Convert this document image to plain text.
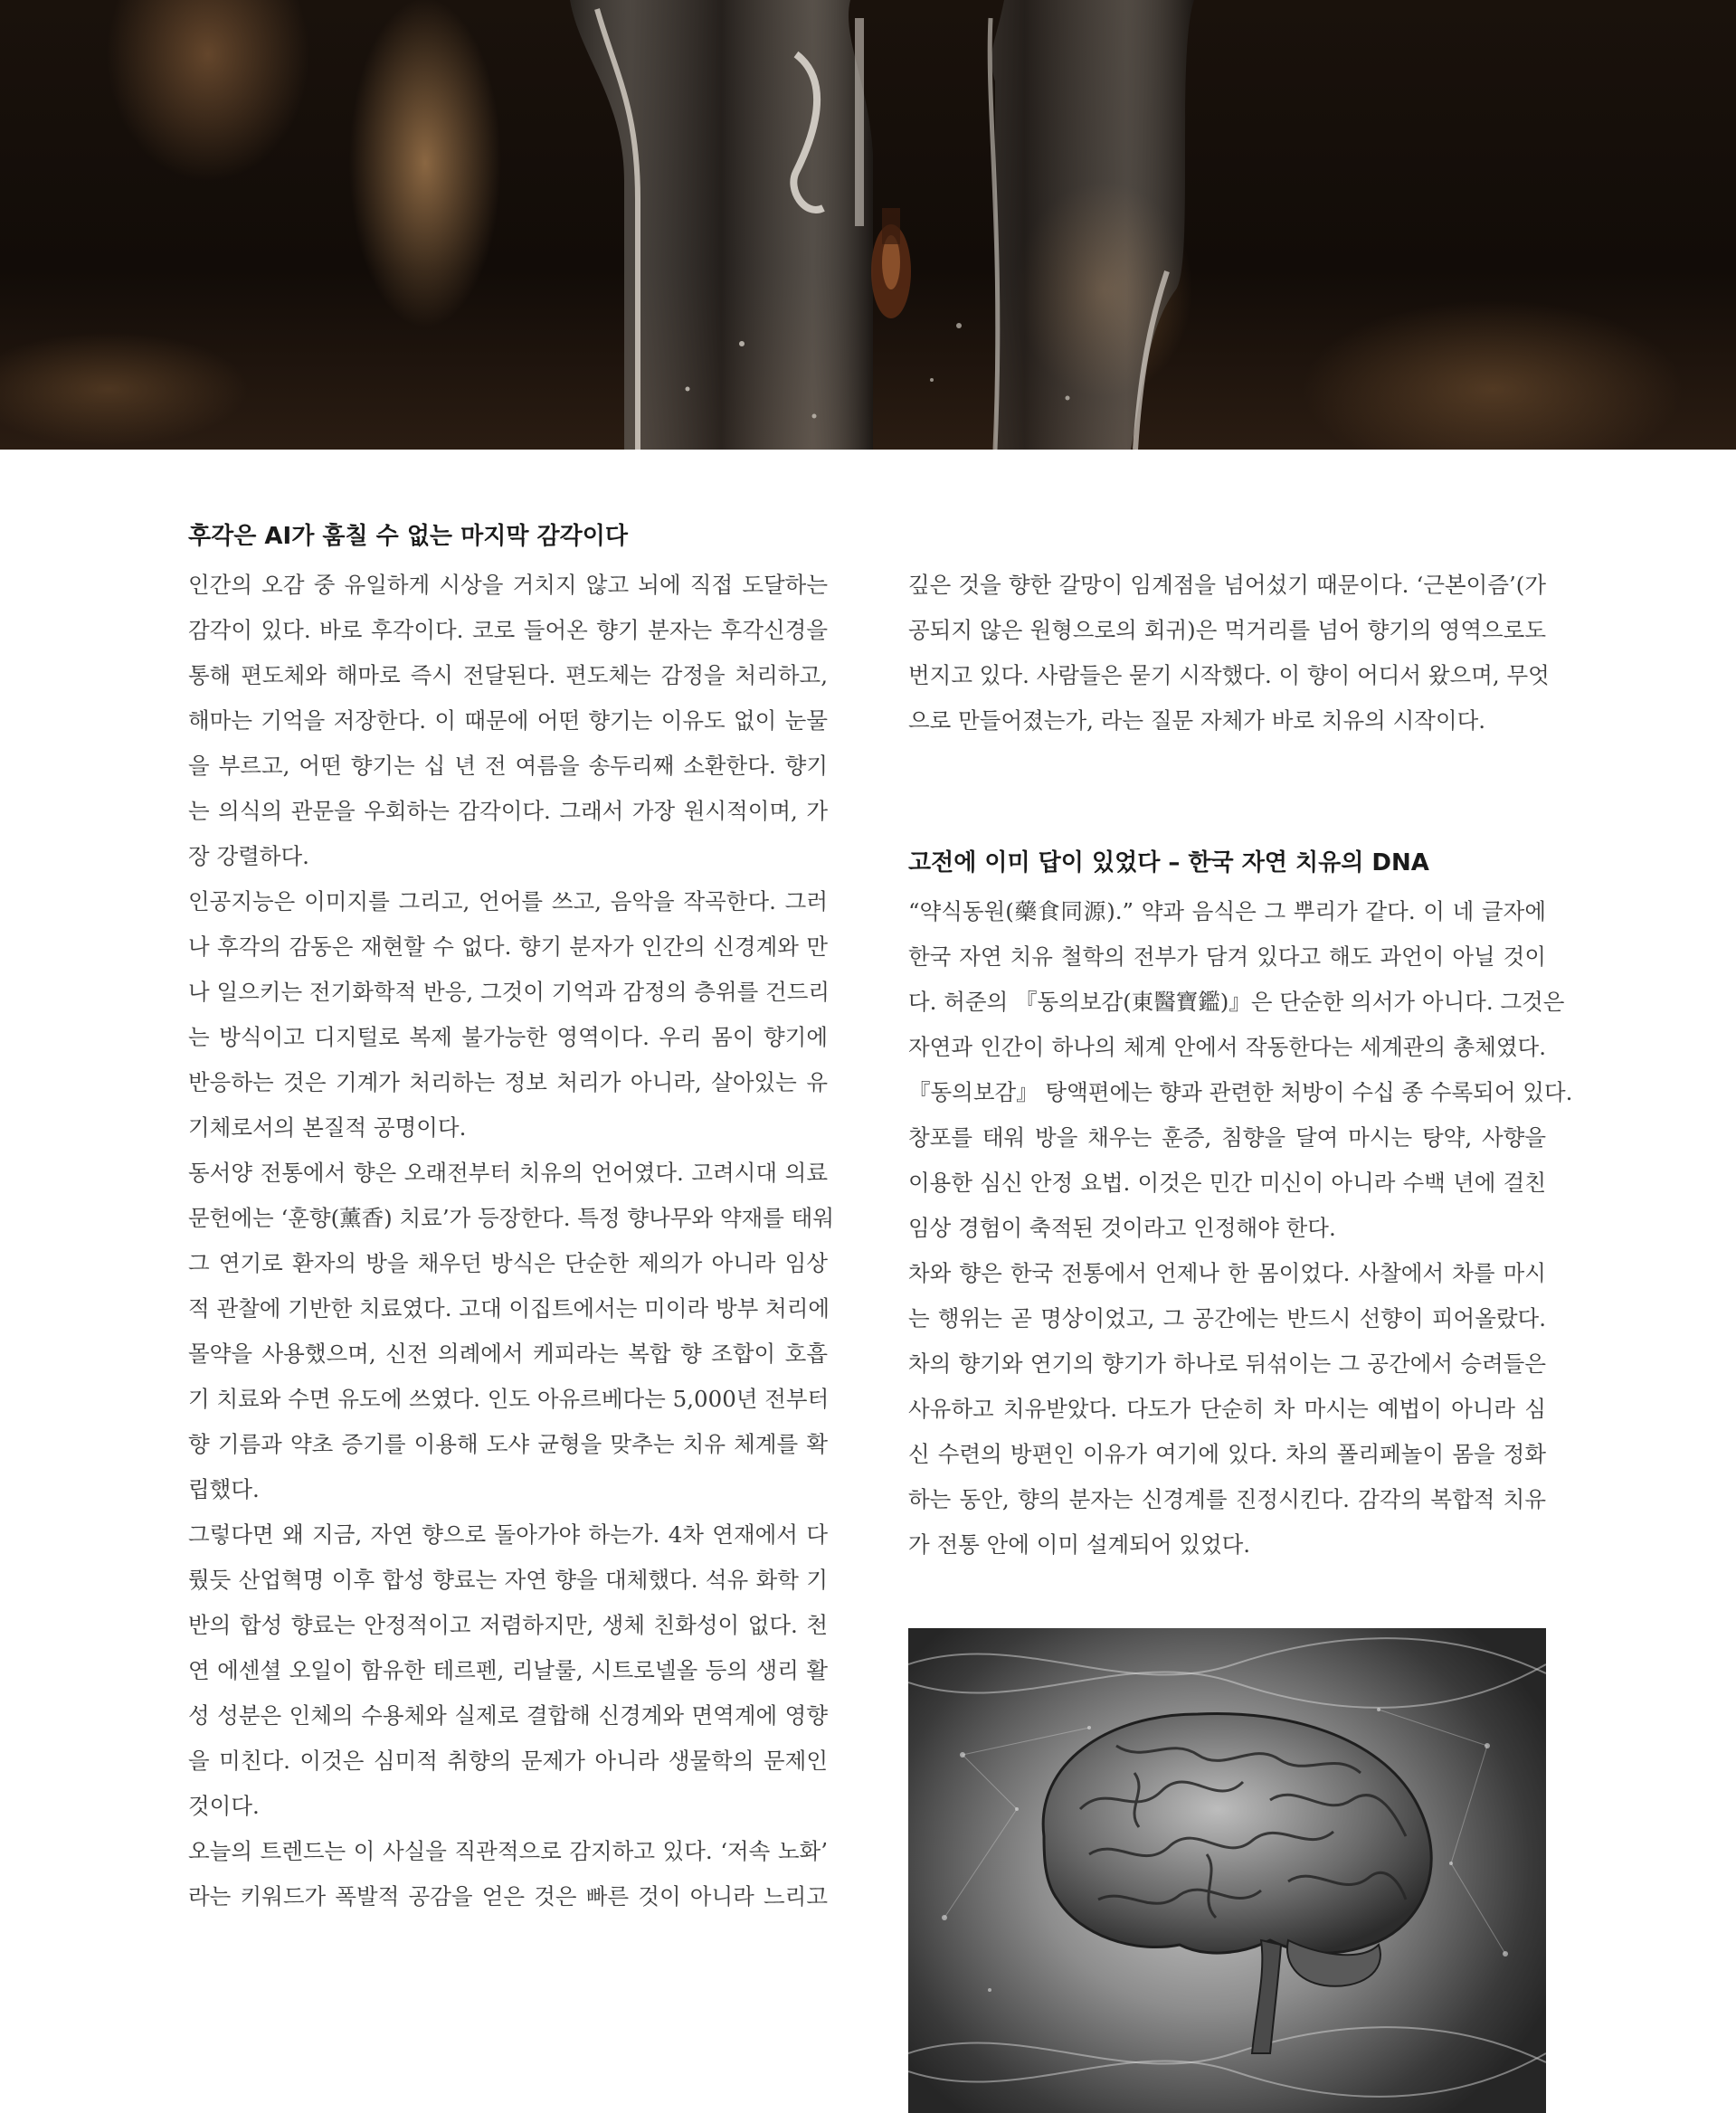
후각은 AI가 훔칠 수 없는 마지막 감각이다
인간의 오감 중 유일하게 시상을 거치지 않고 뇌에 직접 도달하는
감각이 있다. 바로 후각이다. 코로 들어온 향기 분자는 후각신경을
통해 편도체와 해마로 즉시 전달된다. 편도체는 감정을 처리하고,
해마는 기억을 저장한다. 이 때문에 어떤 향기는 이유도 없이 눈물
을 부르고, 어떤 향기는 십 년 전 여름을 송두리째 소환한다. 향기
는 의식의 관문을 우회하는 감각이다. 그래서 가장 원시적이며, 가
장 강렬하다.
인공지능은 이미지를 그리고, 언어를 쓰고, 음악을 작곡한다. 그러
나 후각의 감동은 재현할 수 없다. 향기 분자가 인간의 신경계와 만
나 일으키는 전기화학적 반응, 그것이 기억과 감정의 층위를 건드리
는 방식이고 디지털로 복제 불가능한 영역이다. 우리 몸이 향기에
반응하는 것은 기계가 처리하는 정보 처리가 아니라, 살아있는 유
기체로서의 본질적 공명이다.
동서양 전통에서 향은 오래전부터 치유의 언어였다. 고려시대 의료
문헌에는 ‘훈향(薰香) 치료’가 등장한다. 특정 향나무와 약재를 태워
그 연기로 환자의 방을 채우던 방식은 단순한 제의가 아니라 임상
적 관찰에 기반한 치료였다. 고대 이집트에서는 미이라 방부 처리에
몰약을 사용했으며, 신전 의례에서 케피라는 복합 향 조합이 호흡
기 치료와 수면 유도에 쓰였다. 인도 아유르베다는 5,000년 전부터
향 기름과 약초 증기를 이용해 도샤 균형을 맞추는 치유 체계를 확
립했다.
그렇다면 왜 지금, 자연 향으로 돌아가야 하는가. 4차 연재에서 다
뤘듯 산업혁명 이후 합성 향료는 자연 향을 대체했다. 석유 화학 기
반의 합성 향료는 안정적이고 저렴하지만, 생체 친화성이 없다. 천
연 에센셜 오일이 함유한 테르펜, 리날룰, 시트로넬올 등의 생리 활
성 성분은 인체의 수용체와 실제로 결합해 신경계와 면역계에 영향
을 미친다. 이것은 심미적 취향의 문제가 아니라 생물학의 문제인
것이다.
오늘의 트렌드는 이 사실을 직관적으로 감지하고 있다. ‘저속 노화’
라는 키워드가 폭발적 공감을 얻은 것은 빠른 것이 아니라 느리고
깊은 것을 향한 갈망이 임계점을 넘어섰기 때문이다. ‘근본이즘’(가
공되지 않은 원형으로의 회귀)은 먹거리를 넘어 향기의 영역으로도
번지고 있다. 사람들은 묻기 시작했다. 이 향이 어디서 왔으며, 무엇
으로 만들어졌는가, 라는 질문 자체가 바로 치유의 시작이다.
고전에 이미 답이 있었다 – 한국 자연 치유의 DNA
“약식동원(藥食同源).” 약과 음식은 그 뿌리가 같다. 이 네 글자에
한국 자연 치유 철학의 전부가 담겨 있다고 해도 과언이 아닐 것이
다. 허준의 『동의보감(東醫寶鑑)』은 단순한 의서가 아니다. 그것은
자연과 인간이 하나의 체계 안에서 작동한다는 세계관의 총체였다.
『동의보감』 탕액편에는 향과 관련한 처방이 수십 종 수록되어 있다.
창포를 태워 방을 채우는 훈증, 침향을 달여 마시는 탕약, 사향을
이용한 심신 안정 요법. 이것은 민간 미신이 아니라 수백 년에 걸친
임상 경험이 축적된 것이라고 인정해야 한다.
차와 향은 한국 전통에서 언제나 한 몸이었다. 사찰에서 차를 마시
는 행위는 곧 명상이었고, 그 공간에는 반드시 선향이 피어올랐다.
차의 향기와 연기의 향기가 하나로 뒤섞이는 그 공간에서 승려들은
사유하고 치유받았다. 다도가 단순히 차 마시는 예법이 아니라 심
신 수련의 방편인 이유가 여기에 있다. 차의 폴리페놀이 몸을 정화
하는 동안, 향의 분자는 신경계를 진정시킨다. 감각의 복합적 치유
가 전통 안에 이미 설계되어 있었다.
